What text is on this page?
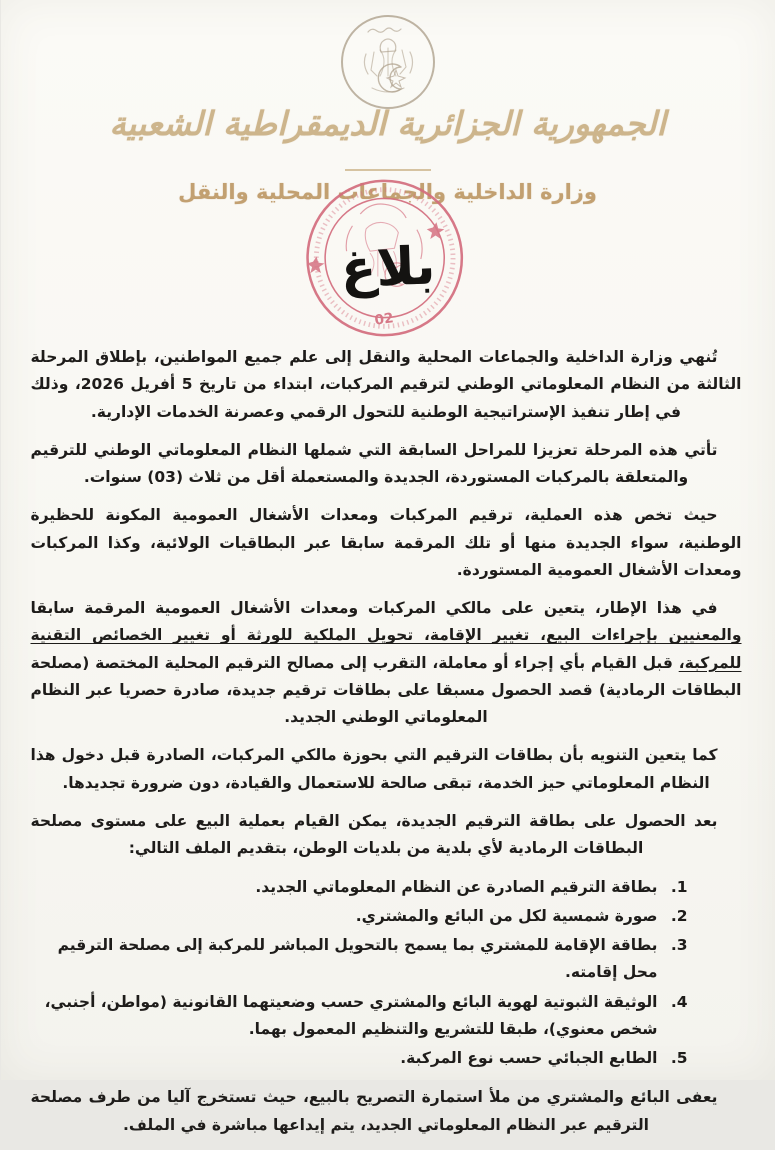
الجمهورية الجزائرية الديمقراطية الشعبية
وزارة الداخلية والجماعات المحلية والنقل
02
بلاغ

تُنهي وزارة الداخلية والجماعات المحلية والنقل إلى علم جميع المواطنين، بإطلاق المرحلة الثالثة من النظام المعلوماتي الوطني لترقيم المركبات، ابتداء من تاريخ 5 أفريل 2026، وذلك في إطار تنفيذ الإستراتيجية الوطنية للتحول الرقمي وعصرنة الخدمات الإدارية.

تأتي هذه المرحلة تعزيزا للمراحل السابقة التي شملها النظام المعلوماتي الوطني للترقيم والمتعلقة بالمركبات المستوردة، الجديدة والمستعملة أقل من ثلاث (03) سنوات.

حيث تخص هذه العملية، ترقيم المركبات ومعدات الأشغال العمومية المكونة للحظيرة الوطنية، سواء الجديدة منها أو تلك المرقمة سابقا عبر البطاقيات الولائية، وكذا المركبات ومعدات الأشغال العمومية المستوردة.

في هذا الإطار، يتعين على مالكي المركبات ومعدات الأشغال العمومية المرقمة سابقا والمعنيين بإجراءات البيع، تغيير الإقامة، تحويل الملكية للورثة أو تغيير الخصائص التقنية للمركبة، قبل القيام بأي إجراء أو معاملة، التقرب إلى مصالح الترقيم المحلية المختصة (مصلحة البطاقات الرمادية) قصد الحصول مسبقا على بطاقات ترقيم جديدة، صادرة حصريا عبر النظام المعلوماتي الوطني الجديد.

كما يتعين التنويه بأن بطاقات الترقيم التي بحوزة مالكي المركبات، الصادرة قبل دخول هذا النظام المعلوماتي حيز الخدمة، تبقى صالحة للاستعمال والقيادة، دون ضرورة تجديدها.

بعد الحصول على بطاقة الترقيم الجديدة، يمكن القيام بعملية البيع على مستوى مصلحة البطاقات الرمادية لأي بلدية من بلديات الوطن، بتقديم الملف التالي:

1.
بطاقة الترقيم الصادرة عن النظام المعلوماتي الجديد.
2.
صورة شمسية لكل من البائع والمشتري.
3.
بطاقة الإقامة للمشتري بما يسمح بالتحويل المباشر للمركبة إلى مصلحة الترقيم محل إقامته.
4.
الوثيقة الثبوتية لهوية البائع والمشتري حسب وضعيتهما القانونية (مواطن، أجنبي، شخص معنوي)، طبقا للتشريع والتنظيم المعمول بهما.
5.
الطابع الجبائي حسب نوع المركبة.

يعفى البائع والمشتري من ملأ استمارة التصريح بالبيع، حيث تستخرج آليا من طرف مصلحة الترقيم عبر النظام المعلوماتي الجديد، يتم إيداعها مباشرة في الملف.
